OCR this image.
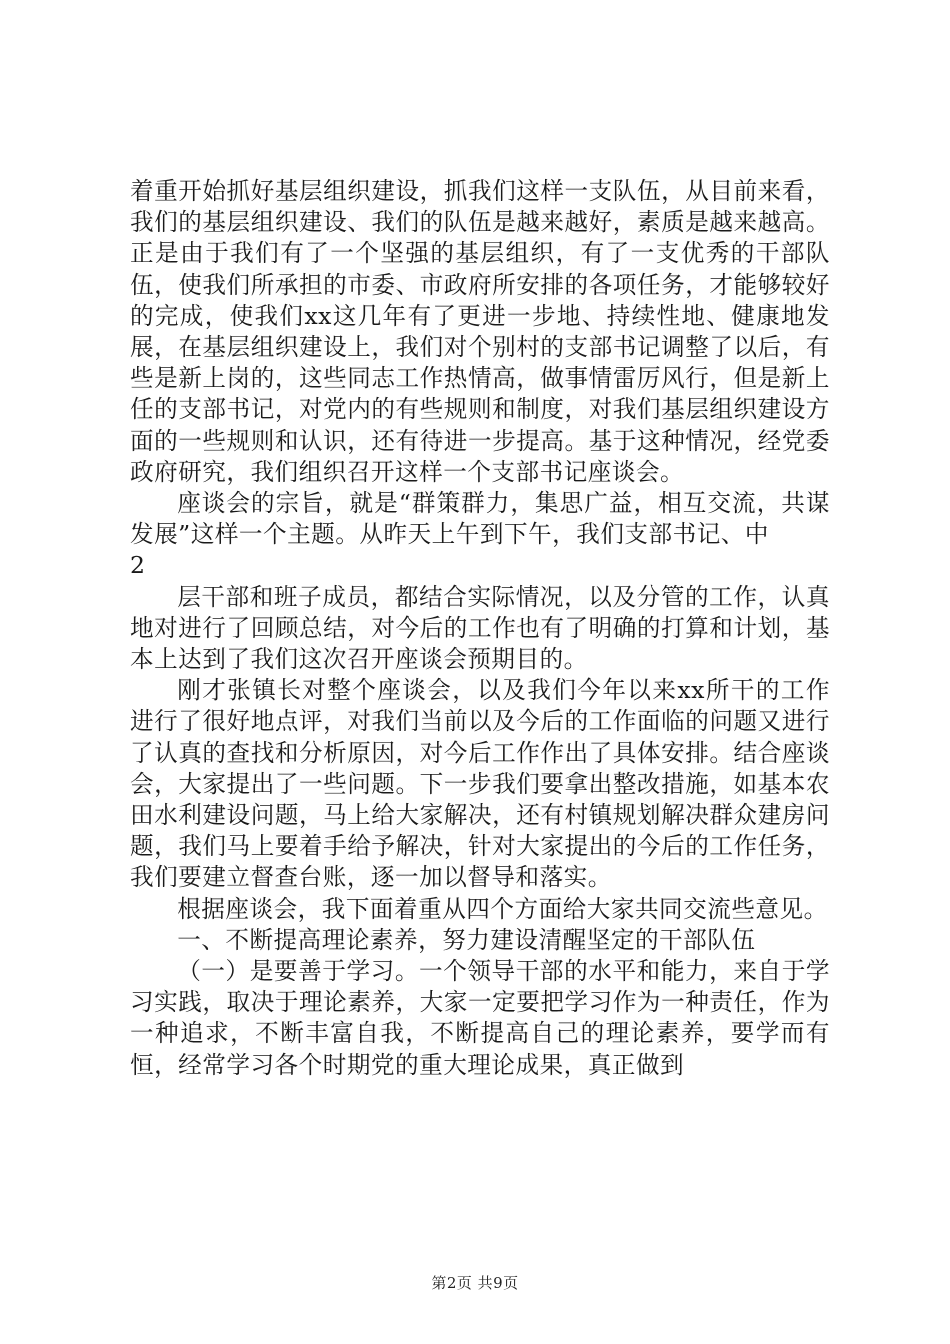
着重开始抓好基层组织建设，抓我们这样一支队伍，从目前来看，我们的基层组织建设、我们的队伍是越来越好，素质是越来越高。正是由于我们有了一个坚强的基层组织，有了一支优秀的干部队伍，使我们所承担的市委、市政府所安排的各项任务，才能够较好的完成，使我们xx这几年有了更进一步地、持续性地、健康地发展，在基层组织建设上，我们对个别村的支部书记调整了以后，有些是新上岗的，这些同志工作热情高，做事情雷厉风行，但是新上任的支部书记，对党内的有些规则和制度，对我们基层组织建设方面的一些规则和认识，还有待进一步提高。基于这种情况，经党委政府研究，我们组织召开这样一个支部书记座谈会。

座谈会的宗旨，就是“群策群力，集思广益，相互交流，共谋发展”这样一个主题。从昨天上午到下午，我们支部书记、中

2

层干部和班子成员，都结合实际情况，以及分管的工作，认真地对进行了回顾总结，对今后的工作也有了明确的打算和计划，基本上达到了我们这次召开座谈会预期目的。

刚才张镇长对整个座谈会，以及我们今年以来xx所干的工作进行了很好地点评，对我们当前以及今后的工作面临的问题又进行了认真的查找和分析原因，对今后工作作出了具体安排。结合座谈会，大家提出了一些问题。下一步我们要拿出整改措施，如基本农田水利建设问题，马上给大家解决，还有村镇规划解决群众建房问题，我们马上要着手给予解决，针对大家提出的今后的工作任务，我们要建立督查台账，逐一加以督导和落实。

根据座谈会，我下面着重从四个方面给大家共同交流些意见。

一、不断提高理论素养，努力建设清醒坚定的干部队伍

（一）是要善于学习。一个领导干部的水平和能力，来自于学习实践，取决于理论素养，大家一定要把学习作为一种责任，作为一种追求，不断丰富自我，不断提高自己的理论素养，要学而有恒，经常学习各个时期党的重大理论成果，真正做到

第2页 共9页
